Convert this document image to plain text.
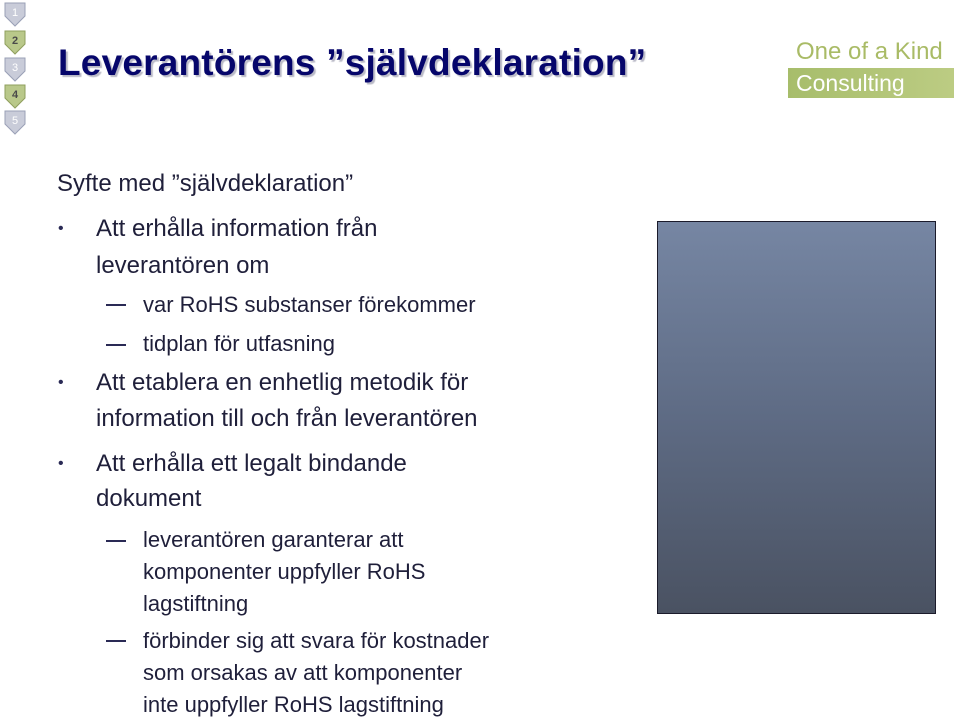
1
2
3
4
5
Leverantörens ”självdeklaration”	One of a Kind
Consulting
Syfte med ”självdeklaration”
• Att erhålla information från
leverantören om
var RoHS substanser förekommer
tidplan för utfasning
• Att etablera en enhetlig metodik för
information till och från leverantören
• Att erhålla ett legalt bindande
dokument
leverantören garanterar att
komponenter uppfyller RoHS
lagstiftning
förbinder sig att svara för kostnader
som orsakas av att komponenter
inte uppfyller RoHS lagstiftning
